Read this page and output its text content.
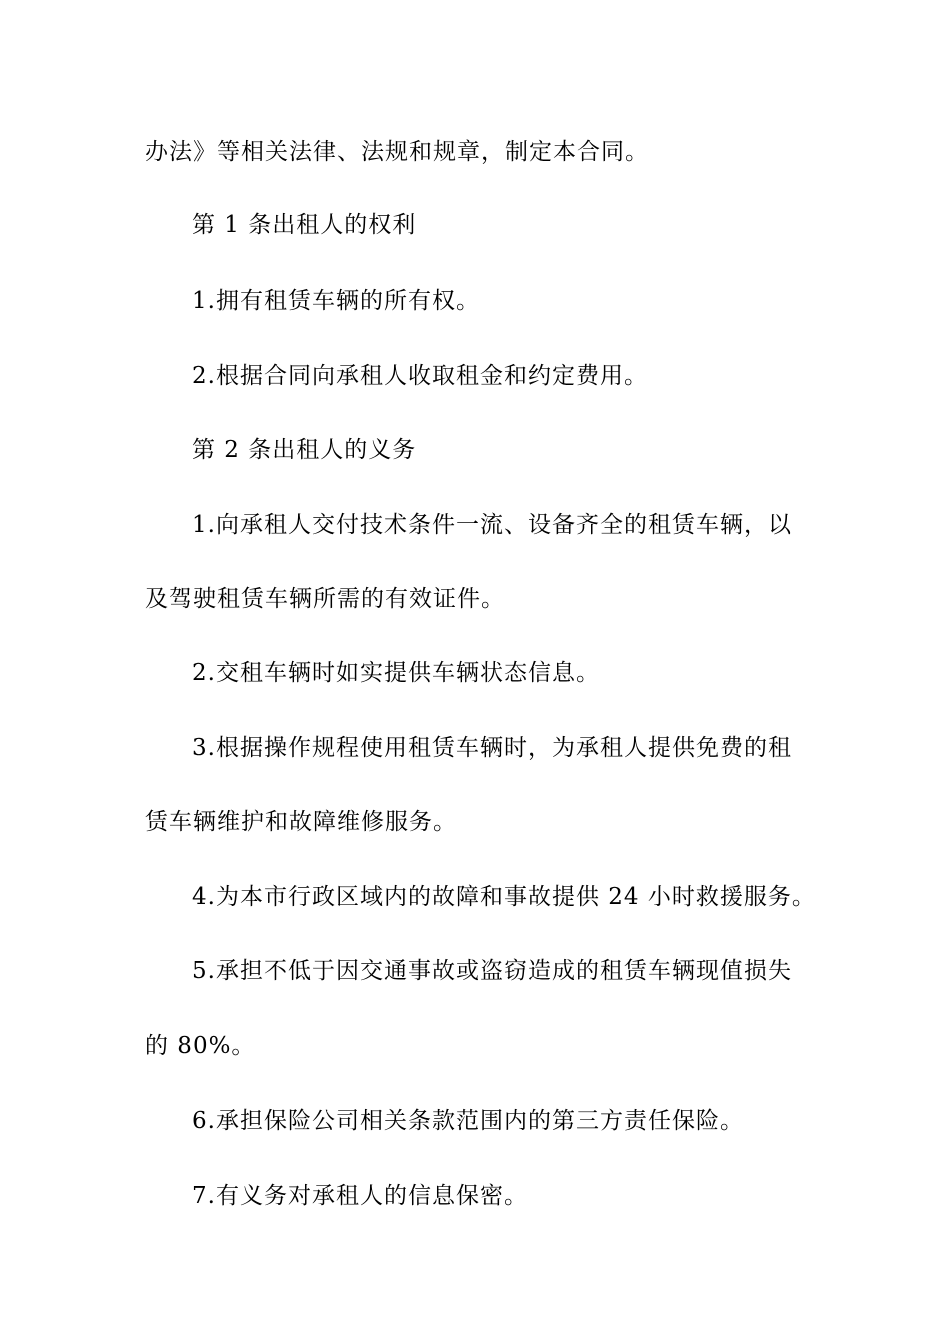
办法》等相关法律、法规和规章，制定本合同。
第 1 条出租人的权利
1.拥有租赁车辆的所有权。
2.根据合同向承租人收取租金和约定费用。
第 2 条出租人的义务
1.向承租人交付技术条件一流、设备齐全的租赁车辆，以
及驾驶租赁车辆所需的有效证件。
2.交租车辆时如实提供车辆状态信息。
3.根据操作规程使用租赁车辆时，为承租人提供免费的租
赁车辆维护和故障维修服务。
4.为本市行政区域内的故障和事故提供 24 小时救援服务。
5.承担不低于因交通事故或盗窃造成的租赁车辆现值损失
的 80%。
6.承担保险公司相关条款范围内的第三方责任保险。
7.有义务对承租人的信息保密。
